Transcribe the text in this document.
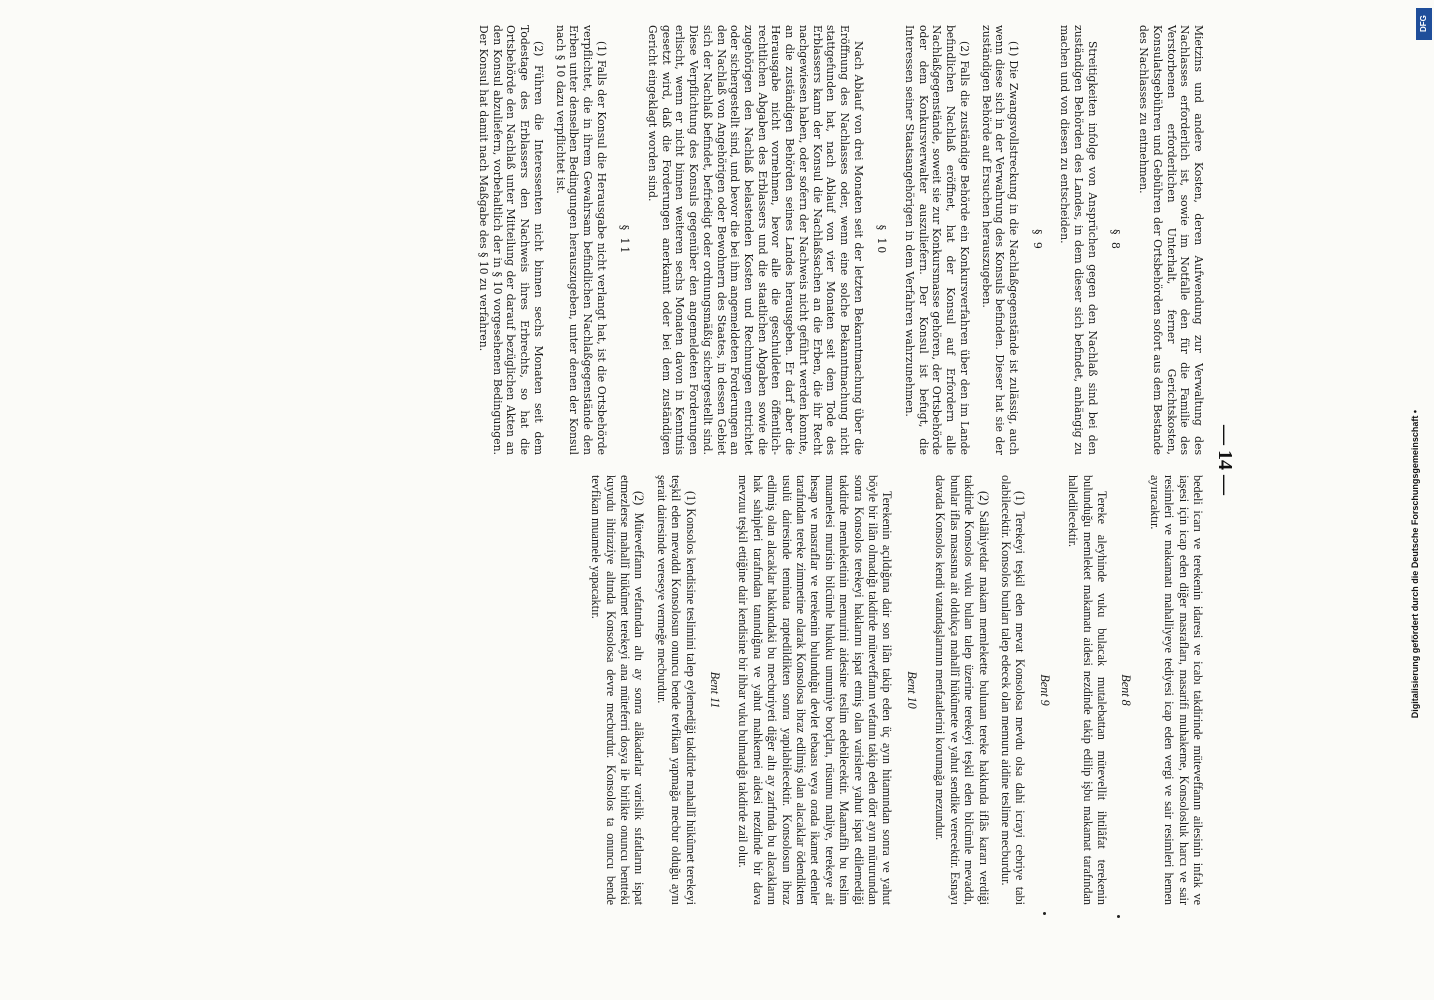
— 14 —

Mietzins und andere Kosten, deren Aufwendung zur Verwaltung des Nachlasses erforderlich ist, sowie im Notfalle den für die Familie des Verstorbenen erforderlichen Unterhalt, ferner Gerichtskosten, Konsulatsgebühren und Gebühren der Ortsbehörden sofort aus dem Bestande des Nachlasses zu entnehmen.

§ 8

Streitigkeiten infolge von Ansprüchen gegen den Nachlaß sind bei den zuständigen Behörden des Landes, in dem dieser sich befindet, anhängig zu machen und von diesen zu entscheiden.

§ 9

(1) Die Zwangsvollstreckung in die Nachlaßgegenstände ist zulässig, auch wenn diese sich in der Verwahrung des Konsuls befinden. Dieser hat sie der zuständigen Behörde auf Ersuchen herauszugeben.

(2) Falls die zuständige Behörde ein Konkursverfahren über den im Lande befindlichen Nachlaß eröffnet, hat der Konsul auf Erfordern alle Nachlaßgegenstände, soweit sie zur Konkursmasse gehören, der Ortsbehörde oder dem Konkursverwalter auszuliefern. Der Konsul ist befugt, die Interessen seiner Staatsangehörigen in dem Verfahren wahrzunehmen.

§ 10

Nach Ablauf von drei Monaten seit der letzten Bekanntmachung über die Eröffnung des Nachlasses oder, wenn eine solche Bekanntmachung nicht stattgefunden hat, nach Ablauf von vier Monaten seit dem Tode des Erblassers kann der Konsul die Nachlaßsachen an die Erben, die ihr Recht nachgewiesen haben, oder sofern der Nachweis nicht geführt werden konnte, an die zuständigen Behörden seines Landes herausgeben. Er darf aber die Herausgabe nicht vornehmen, bevor alle die geschuldeten öffentlich-rechtlichen Abgaben des Erblassers und die staatlichen Abgaben sowie die zugehörigen den Nachlaß belastenden Kosten und Rechnungen entrichtet oder sichergestellt sind, und bevor die bei ihm angemeldeten Forderungen an den Nachlaß von Angehörigen oder Bewohnern des Staates, in dessen Gebiet sich der Nachlaß befindet, befriedigt oder ordnungsmäßig sichergestellt sind. Diese Verpflichtung des Konsuls gegenüber den angemeldeten Forderungen erlischt, wenn er nicht binnen weiteren sechs Monaten davon in Kenntnis gesetzt wird, daß die Forderungen anerkannt oder bei dem zuständigen Gericht eingeklagt worden sind.

§ 11

(1) Falls der Konsul die Herausgabe nicht verlangt hat, ist die Ortsbehörde verpflichtet, die in ihrem Gewahrsam befindlichen Nachlaßgegenstände den Erben unter denselben Bedingungen herauszugeben, unter denen der Konsul nach § 10 dazu verpflichtet ist.

(2) Führen die Interessenten nicht binnen sechs Monaten seit dem Todestage des Erblassers den Nachweis ihres Erbrechts, so hat die Ortsbehörde den Nachlaß unter Mitteilung der darauf bezüglichen Akten an den Konsul abzuliefern, vorbehaltlich der in § 10 vorgesehenen Bedingungen. Der Konsul hat damit nach Maßgabe des § 10 zu verfahren.

bedeli icarı ve terekenin idaresi ve icabı takdirinde müteveffanın ailesinin infak ve iaşesi için icap eden diğer masrafları, masarifi muhakeme, Konsolosluk harcı ve sair resimleri ve makamatı mahalliyeye tediyesi icap eden vergi ve sair resimleri hemen ayıracaktır.

Bent 8

Tereke aleyhinde vuku bulacak mutalebattan mütevellit ihtilâfat terekenin bulunduğu memleket makamatı aidesi nezdinde takip edilip işbu makamat tarafından halledilecektir.

Bent 9

(1) Terekeyi teşkil eden mevat Konsolosa mevdu olsa dahi icrayi cebriye tabi olabilecektir. Konsolos bunları talep edecek olan memuru aidine teslime mecburdur.

(2) Salâhiyetdar makam memlekette bulunan tereke hakkında iflâs kararı verdiği takdirde Konsolos vuku bulan talep üzerine terekeyi teşkil eden bilcümle mevaddı, bunlar iflas masasına ait oldukça mahallî hükûmete ve yahut sendike verecektir. Esnayı davada Konsolos kendi vatandaşlarının menfaatlerini korumağa mezundur.

Bent 10

Terekenin açıldığına dair son ilân takip eden üç ayın hitamından sonra ve yahut böyle bir ilân olmadığı takdirde müteveffanın vefatını takip eden dört ayın mürurundan sonra Konsolos terekeyi haklarını ispat etmiş olan varislere yahut ispat edilemediği takdirde memleketinin memurini aidesine teslim edebilecektir. Maamafih bu teslim muamelesi murisin bilcümle hukuku umumiye borçları, rüsumu maliye, terekeye ait hesap ve masraflar ve terekenin bulunduğu devlet tebaası veya orada ikamet edenler tarafından tereke zimmetine olarak Konsolosa ibraz edilmiş olan alacaklar ödendikten usulü dairesinde teminata raptedildikten sonra yapılabilecektir. Konsolosun ibraz edilmiş olan alacaklar hakkındaki bu mecburiyeti diğer altı ay zarfında bu alacakların hak sahipleri tarafından tanındığına ve yahut mahkemei aidesi nezdinde bir dava mevzuu teşkil ettiğine dair kendisine bir ihbar vuku bulmadığı takdirde zail olur.

Bent 11

(1) Konsolos kendisine teslimini talep eylemediği takdirde mahallî hükûmet terekeyi teşkil eden mevaddı Konsolosun onuncu bende tevfikan yapmağa mecbur olduğu aynı şerait dairesinde vereseye vermeğe mecburdur.

(2) Müteveffanın vefatından altı ay sonra alâkadarlar varislik sıfatlarını ispat etmezlerse mahallî hükûmet terekeyi ana müteferri dosya ile birlikte onuncu bentteki kuyudu ihtiraziye altında Konsolosa devre mecburdur. Konsolos ta onuncu bende tevfikan muamele yapacaktır.	Digitalisierung gefördert durch die Deutsche Forschungsgemeinschaft •
DFG
